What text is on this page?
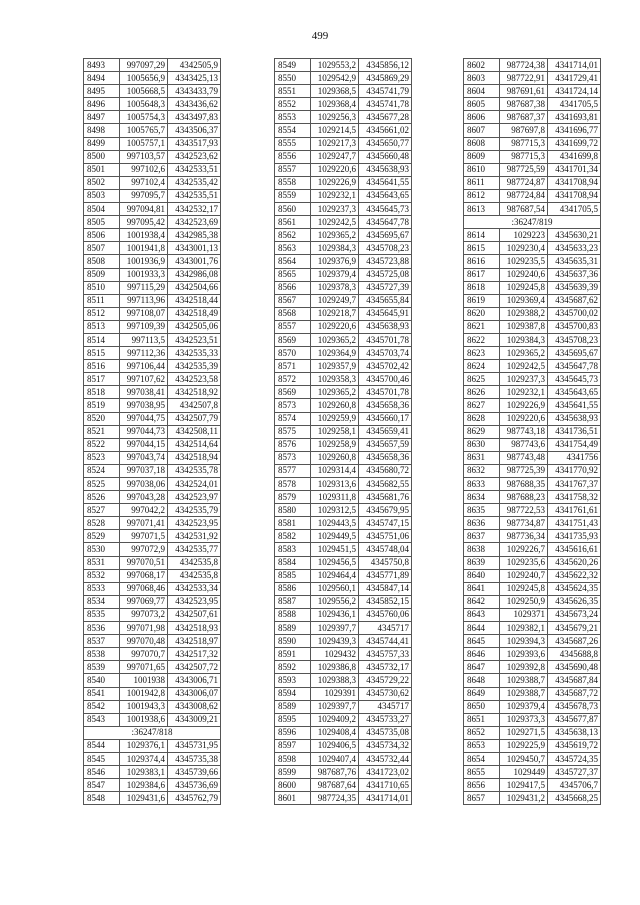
499
8493	997097,29	4342505,9
8494	1005656,9	4343425,13
8495	1005668,5	4343433,79
8496	1005648,3	4343436,62
8497	1005754,3	4343497,83
8498	1005765,7	4343506,37
8499	1005757,1	4343517,93
8500	997103,57	4342523,62
8501	997102,6	4342533,51
8502	997102,4	4342535,42
8503	997095,7	4342535,51
8504	997094,81	4342532,17
8505	997095,42	4342523,69
8506	1001938,4	4342985,38
8507	1001941,8	4343001,13
8508	1001936,9	4343001,76
8509	1001933,3	4342986,08
8510	997115,29	4342504,66
8511	997113,96	4342518,44
8512	997108,07	4342518,49
8513	997109,39	4342505,06
8514	997113,5	4342523,51
8515	997112,36	4342535,33
8516	997106,44	4342535,39
8517	997107,62	4342523,58
8518	997038,41	4342518,92
8519	997038,95	4342507,8
8520	997044,75	4342507,79
8521	997044,73	4342508,11
8522	997044,15	4342514,64
8523	997043,74	4342518,94
8524	997037,18	4342535,78
8525	997038,06	4342524,01
8526	997043,28	4342523,97
8527	997042,2	4342535,79
8528	997071,41	4342523,95
8529	997071,5	4342531,92
8530	997072,9	4342535,77
8531	997070,51	4342535,8
8532	997068,17	4342535,8
8533	997068,46	4342533,34
8534	997069,77	4342523,95
8535	997073,2	4342507,61
8536	997071,98	4342518,93
8537	997070,48	4342518,97
8538	997070,7	4342517,32
8539	997071,65	4342507,72
8540	1001938	4343006,71
8541	1001942,8	4343006,07
8542	1001943,3	4343008,62
8543	1001938,6	4343009,21
:36247/818		
8544	1029376,1	4345731,95
8545	1029374,4	4345735,38
8546	1029383,1	4345739,66
8547	1029384,6	4345736,69
8548	1029431,6	4345762,79
8549	1029553,2	4345856,12
8550	1029542,9	4345869,29
8551	1029368,5	4345741,79
8552	1029368,4	4345741,78
8553	1029256,3	4345677,28
8554	1029214,5	4345661,02
8555	1029217,3	4345650,77
8556	1029247,7	4345660,48
8557	1029220,6	4345638,93
8558	1029226,9	4345641,55
8559	1029232,1	4345643,65
8560	1029237,3	4345645,73
8561	1029242,5	4345647,78
8562	1029365,2	4345695,67
8563	1029384,3	4345708,23
8564	1029376,9	4345723,88
8565	1029379,4	4345725,08
8566	1029378,3	4345727,39
8567	1029249,7	4345655,84
8568	1029218,7	4345645,91
8557	1029220,6	4345638,93
8569	1029365,2	4345701,78
8570	1029364,9	4345703,74
8571	1029357,9	4345702,42
8572	1029358,3	4345700,46
8569	1029365,2	4345701,78
8573	1029260,8	4345658,36
8574	1029259,9	4345660,17
8575	1029258,1	4345659,41
8576	1029258,9	4345657,59
8573	1029260,8	4345658,36
8577	1029314,4	4345680,72
8578	1029313,6	4345682,55
8579	1029311,8	4345681,76
8580	1029312,5	4345679,95
8581	1029443,5	4345747,15
8582	1029449,5	4345751,06
8583	1029451,5	4345748,04
8584	1029456,5	4345750,8
8585	1029464,4	4345771,89
8586	1029560,1	4345847,14
8587	1029556,2	4345852,15
8588	1029436,1	4345760,06
8589	1029397,7	4345717
8590	1029439,3	4345744,41
8591	1029432	4345757,33
8592	1029386,8	4345732,17
8593	1029388,3	4345729,22
8594	1029391	4345730,62
8589	1029397,7	4345717
8595	1029409,2	4345733,27
8596	1029408,4	4345735,08
8597	1029406,5	4345734,32
8598	1029407,4	4345732,44
8599	987687,76	4341723,02
8600	987687,64	4341710,65
8601	987724,35	4341714,01
8602	987724,38	4341714,01
8603	987722,91	4341729,41
8604	987691,61	4341724,14
8605	987687,38	4341705,5
8606	987687,37	4341693,81
8607	987697,8	4341696,77
8608	987715,3	4341699,72
8609	987715,3	4341699,8
8610	987725,59	4341701,34
8611	987724,87	4341708,94
8612	987724,84	4341708,94
8613	987687,54	4341705,5
:36247/819		
8614	1029223	4345630,21
8615	1029230,4	4345633,23
8616	1029235,5	4345635,31
8617	1029240,6	4345637,36
8618	1029245,8	4345639,39
8619	1029369,4	4345687,62
8620	1029388,2	4345700,02
8621	1029387,8	4345700,83
8622	1029384,3	4345708,23
8623	1029365,2	4345695,67
8624	1029242,5	4345647,78
8625	1029237,3	4345645,73
8626	1029232,1	4345643,65
8627	1029226,9	4345641,55
8628	1029220,6	4345638,93
8629	987743,18	4341736,51
8630	987743,6	4341754,49
8631	987743,48	4341756
8632	987725,39	4341770,92
8633	987688,35	4341767,37
8634	987688,23	4341758,32
8635	987722,53	4341761,61
8636	987734,87	4341751,43
8637	987736,34	4341735,93
8638	1029226,7	4345616,61
8639	1029235,6	4345620,26
8640	1029240,7	4345622,32
8641	1029245,8	4345624,35
8642	1029250,9	4345626,35
8643	1029371	4345673,24
8644	1029382,1	4345679,21
8645	1029394,3	4345687,26
8646	1029393,6	4345688,8
8647	1029392,8	4345690,48
8648	1029388,7	4345687,84
8649	1029388,7	4345687,72
8650	1029379,4	4345678,73
8651	1029373,3	4345677,87
8652	1029271,5	4345638,13
8653	1029225,9	4345619,72
8654	1029450,7	4345724,35
8655	1029449	4345727,37
8656	1029417,5	4345706,7
8657	1029431,2	4345668,25
